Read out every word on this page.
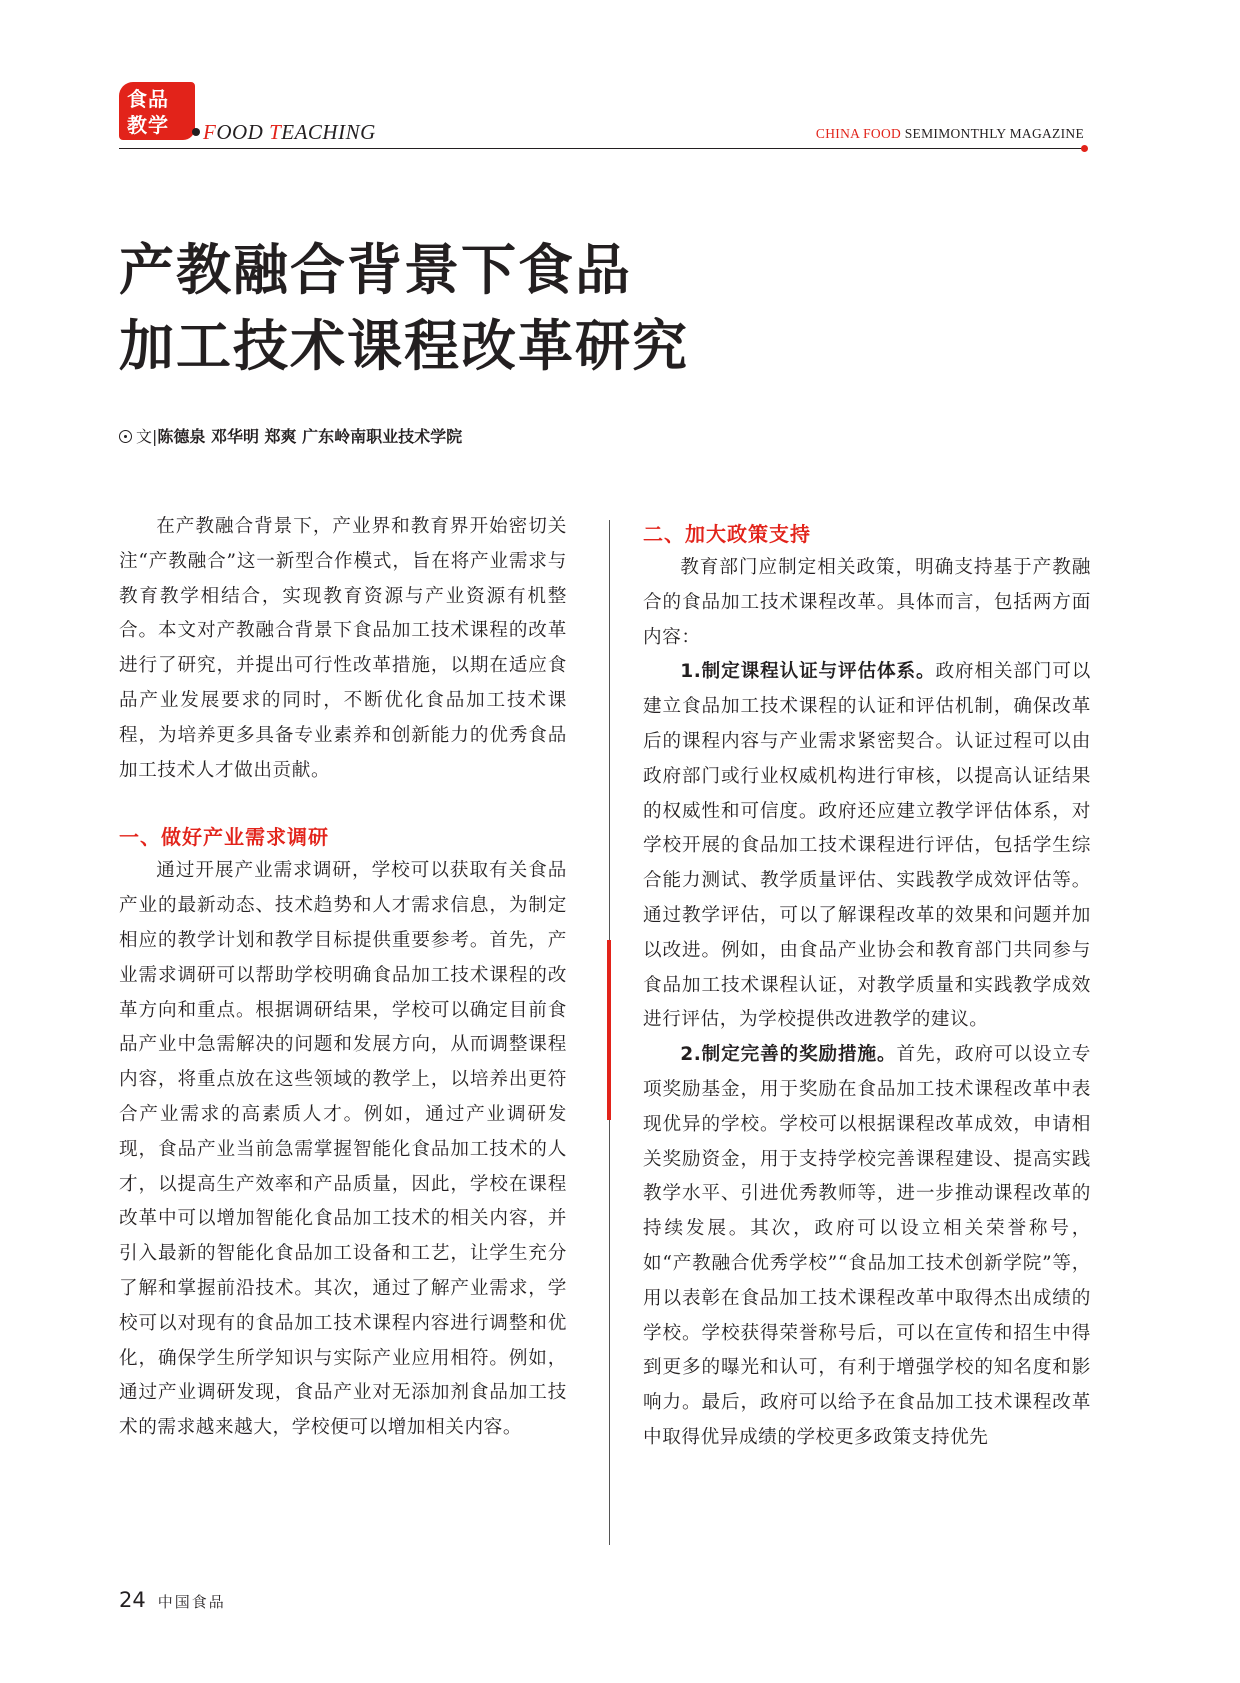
食品
教学	FOOD TEACHING	CHINA FOOD SEMIMONTHLY MAGAZINE
产教融合背景下食品
加工技术课程改革研究
文|陈德泉 邓华明 郑爽 广东岭南职业技术学院

在产教融合背景下，产业界和教育界开始密切关注“产教融合”这一新型合作模式，旨在将产业需求与教育教学相结合，实现教育资源与产业资源有机整合。本文对产教融合背景下食品加工技术课程的改革进行了研究，并提出可行性改革措施，以期在适应食品产业发展要求的同时，不断优化食品加工技术课程，为培养更多具备专业素养和创新能力的优秀食品加工技术人才做出贡献。

一、做好产业需求调研

通过开展产业需求调研，学校可以获取有关食品产业的最新动态、技术趋势和人才需求信息，为制定相应的教学计划和教学目标提供重要参考。首先，产业需求调研可以帮助学校明确食品加工技术课程的改革方向和重点。根据调研结果，学校可以确定目前食品产业中急需解决的问题和发展方向，从而调整课程内容，将重点放在这些领域的教学上，以培养出更符合产业需求的高素质人才。例如，通过产业调研发现，食品产业当前急需掌握智能化食品加工技术的人才，以提高生产效率和产品质量，因此，学校在课程改革中可以增加智能化食品加工技术的相关内容，并引入最新的智能化食品加工设备和工艺，让学生充分了解和掌握前沿技术。其次，通过了解产业需求，学校可以对现有的食品加工技术课程内容进行调整和优化，确保学生所学知识与实际产业应用相符。例如，通过产业调研发现，食品产业对无添加剂食品加工技术的需求越来越大，学校便可以增加相关内容。

二、加大政策支持

教育部门应制定相关政策，明确支持基于产教融合的食品加工技术课程改革。具体而言，包括两方面内容：

1.制定课程认证与评估体系。政府相关部门可以建立食品加工技术课程的认证和评估机制，确保改革后的课程内容与产业需求紧密契合。认证过程可以由政府部门或行业权威机构进行审核，以提高认证结果的权威性和可信度。政府还应建立教学评估体系，对学校开展的食品加工技术课程进行评估，包括学生综合能力测试、教学质量评估、实践教学成效评估等。通过教学评估，可以了解课程改革的效果和问题并加以改进。例如，由食品产业协会和教育部门共同参与食品加工技术课程认证，对教学质量和实践教学成效进行评估，为学校提供改进教学的建议。

2.制定完善的奖励措施。首先，政府可以设立专项奖励基金，用于奖励在食品加工技术课程改革中表现优异的学校。学校可以根据课程改革成效，申请相关奖励资金，用于支持学校完善课程建设、提高实践教学水平、引进优秀教师等，进一步推动课程改革的持续发展。其次，政府可以设立相关荣誉称号，如“产教融合优秀学校”“食品加工技术创新学院”等，用以表彰在食品加工技术课程改革中取得杰出成绩的学校。学校获得荣誉称号后，可以在宣传和招生中得到更多的曝光和认可，有利于增强学校的知名度和影响力。最后，政府可以给予在食品加工技术课程改革中取得优异成绩的学校更多政策支持优先

24 中国食品
